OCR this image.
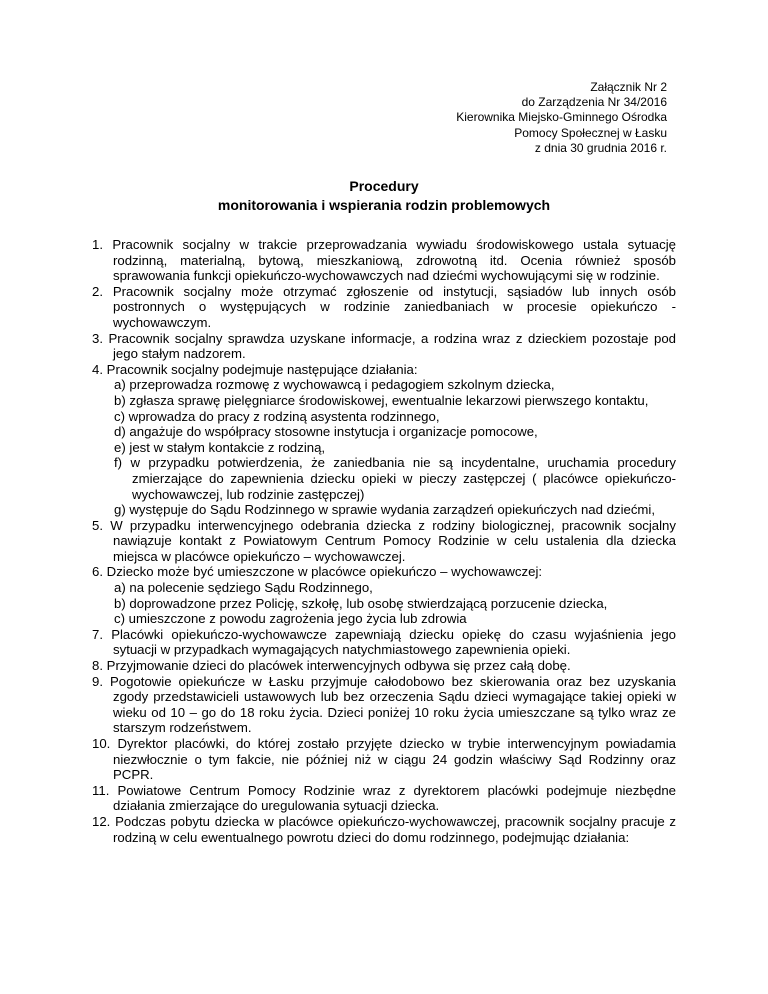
Załącznik Nr 2
do Zarządzenia Nr 34/2016
Kierownika Miejsko-Gminnego Ośrodka
Pomocy Społecznej w Łasku
z dnia 30 grudnia 2016 r.
Procedury
monitorowania i wspierania rodzin problemowych
1. Pracownik socjalny w trakcie przeprowadzania wywiadu środowiskowego ustala sytuację rodzinną, materialną, bytową, mieszkaniową, zdrowotną itd. Ocenia również sposób sprawowania funkcji opiekuńczo-wychowawczych nad dziećmi wychowującymi się w rodzinie.
2. Pracownik socjalny może otrzymać zgłoszenie od instytucji, sąsiadów lub innych osób postronnych o występujących w rodzinie zaniedbaniach w procesie opiekuńczo - wychowawczym.
3. Pracownik socjalny sprawdza uzyskane informacje, a rodzina wraz z dzieckiem pozostaje pod jego stałym nadzorem.
4. Pracownik socjalny podejmuje następujące działania:
a) przeprowadza rozmowę z wychowawcą i pedagogiem szkolnym dziecka,
b) zgłasza sprawę pielęgniarce środowiskowej, ewentualnie lekarzowi pierwszego kontaktu,
c) wprowadza do pracy z rodziną asystenta rodzinnego,
d) angażuje do współpracy stosowne instytucja i organizacje pomocowe,
e) jest w stałym kontakcie z rodziną,
f) w przypadku potwierdzenia, że zaniedbania nie są incydentalne, uruchamia procedury zmierzające do zapewnienia dziecku opieki w pieczy zastępczej ( placówce opiekuńczo-wychowawczej, lub rodzinie zastępczej)
g) występuje do Sądu Rodzinnego w sprawie wydania zarządzeń opiekuńczych nad dziećmi,
5. W przypadku interwencyjnego odebrania dziecka z rodziny biologicznej, pracownik socjalny nawiązuje kontakt z Powiatowym Centrum Pomocy Rodzinie w celu ustalenia dla dziecka miejsca w placówce opiekuńczo – wychowawczej.
6. Dziecko może być umieszczone w placówce opiekuńczo – wychowawczej:
a) na polecenie sędziego Sądu Rodzinnego,
b) doprowadzone przez Policję, szkołę, lub osobę stwierdzającą porzucenie dziecka,
c) umieszczone z powodu zagrożenia jego życia lub zdrowia
7. Placówki opiekuńczo-wychowawcze zapewniają dziecku opiekę do czasu wyjaśnienia jego sytuacji w przypadkach wymagających natychmiastowego zapewnienia opieki.
8. Przyjmowanie dzieci do placówek interwencyjnych odbywa się przez całą dobę.
9. Pogotowie opiekuńcze w Łasku przyjmuje całodobowo bez skierowania oraz bez uzyskania zgody przedstawicieli ustawowych lub bez orzeczenia Sądu dzieci wymagające takiej opieki w wieku od 10 – go do 18 roku życia. Dzieci poniżej 10 roku życia umieszczane są tylko wraz ze starszym rodzeństwem.
10. Dyrektor placówki, do której zostało przyjęte dziecko w trybie interwencyjnym powiadamia niezwłocznie o tym fakcie, nie później niż w ciągu 24 godzin właściwy Sąd Rodzinny oraz PCPR.
11. Powiatowe Centrum Pomocy Rodzinie wraz z dyrektorem placówki podejmuje niezbędne działania zmierzające do uregulowania sytuacji dziecka.
12. Podczas pobytu dziecka w placówce opiekuńczo-wychowawczej, pracownik socjalny pracuje z rodziną w celu ewentualnego powrotu dzieci do domu rodzinnego, podejmując działania:
